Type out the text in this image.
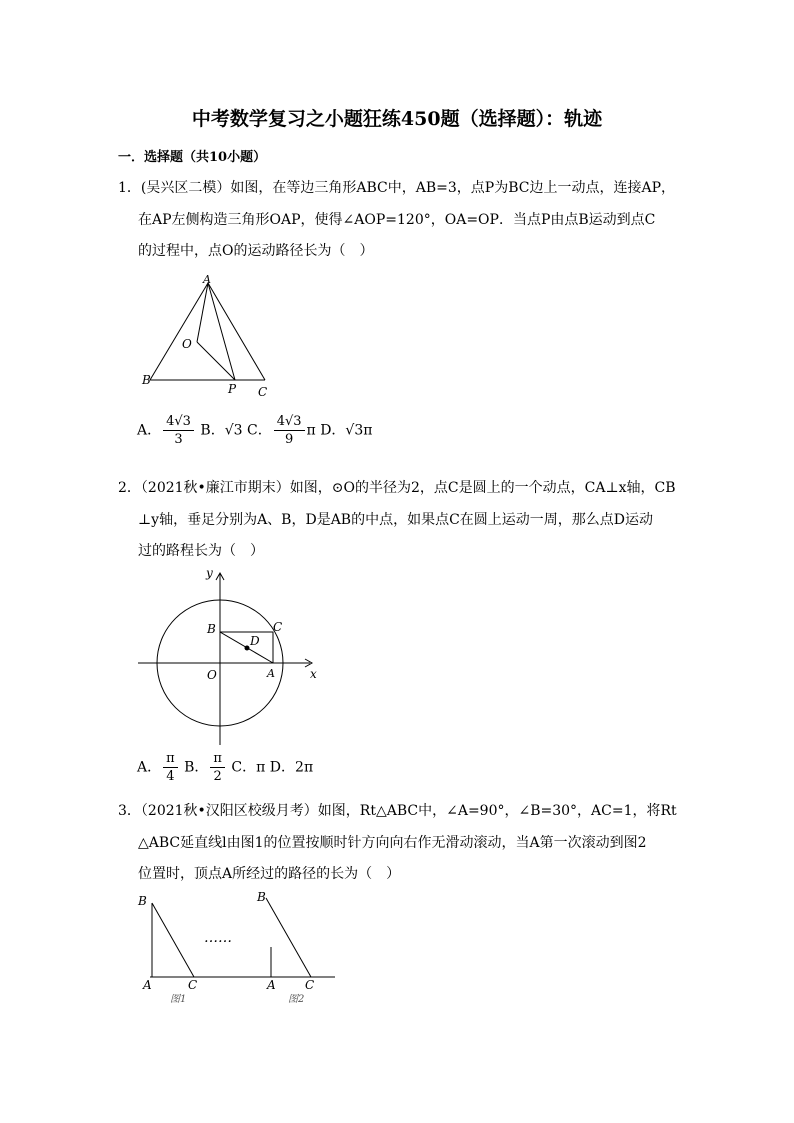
中考数学复习之小题狂练450题（选择题）：轨迹
一．选择题（共10小题）
1．(吴兴区二模）如图，在等边三角形ABC中，AB=3，点P为BC边上一动点，连接AP，
在AP左侧构造三角形OAP，使得∠AOP=120°，OA=OP．当点P由点B运动到点C
的过程中，点O的运动路径长为（　）
A
B
C
O
P
A． $\frac{4√3}{3}$ B．√3 C． $\frac{4√3}{9}$ π D．√3π
2．（2021秋•廉江市期末）如图，⊙O的半径为2，点C是圆上的一个动点，CA⊥x轴，CB
⊥y轴，垂足分别为A、B，D是AB的中点，如果点C在圆上运动一周，那么点D运动
过的路程长为（　）
y
x
O	A
B	C
D
A． $\frac{\pi}{4}$ B． $\frac{\pi}{2}$ C．π D．2π
3．（2021秋•汉阳区校级月考）如图，Rt△ABC中，∠A=90°，∠B=30°，AC=1，将Rt
△ABC延直线l由图1的位置按顺时针方向向右作无滑动滚动，当A第一次滚动到图2
位置时，顶点A所经过的路径的长为（　）
B
A	C
B
A C
……
图1	图2
